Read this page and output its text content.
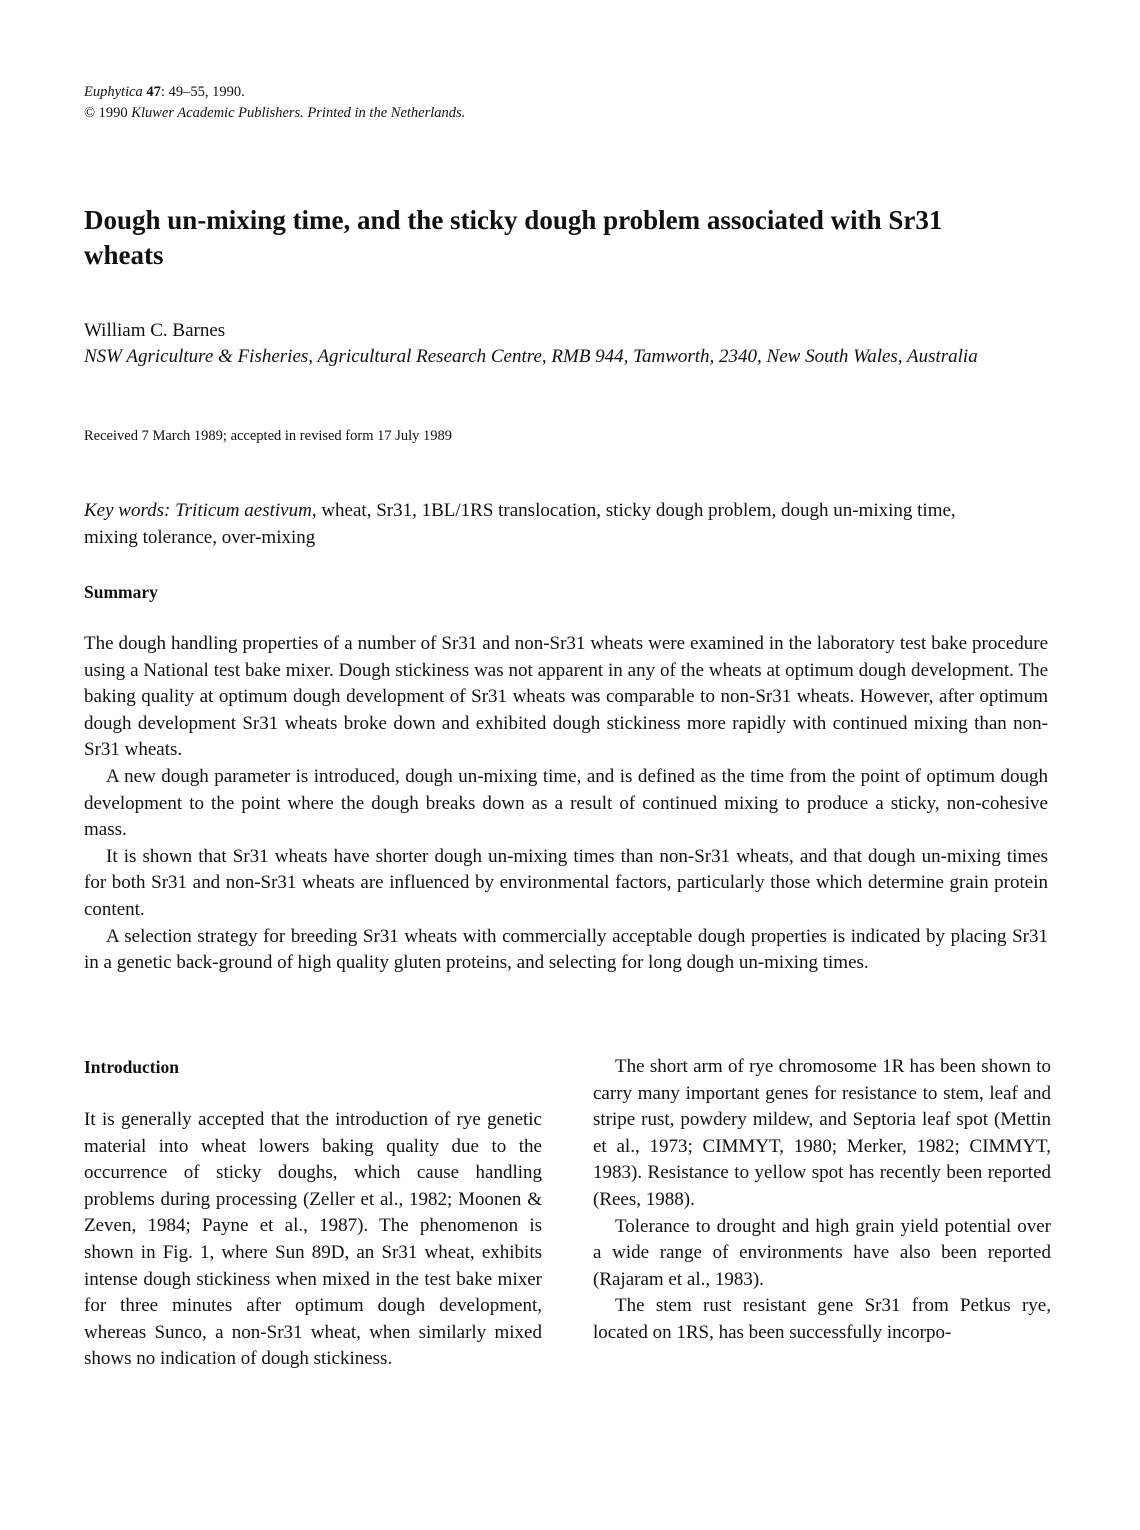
Euphytica 47: 49–55, 1990.
© 1990 Kluwer Academic Publishers. Printed in the Netherlands.
Dough un-mixing time, and the sticky dough problem associated with Sr31 wheats
William C. Barnes
NSW Agriculture & Fisheries, Agricultural Research Centre, RMB 944, Tamworth, 2340, New South Wales, Australia
Received 7 March 1989; accepted in revised form 17 July 1989
Key words: Triticum aestivum, wheat, Sr31, 1BL/1RS translocation, sticky dough problem, dough un-mixing time, mixing tolerance, over-mixing
Summary

The dough handling properties of a number of Sr31 and non-Sr31 wheats were examined in the laboratory test bake procedure using a National test bake mixer. Dough stickiness was not apparent in any of the wheats at optimum dough development. The baking quality at optimum dough development of Sr31 wheats was comparable to non-Sr31 wheats. However, after optimum dough development Sr31 wheats broke down and exhibited dough stickiness more rapidly with continued mixing than non-Sr31 wheats.

A new dough parameter is introduced, dough un-mixing time, and is defined as the time from the point of optimum dough development to the point where the dough breaks down as a result of continued mixing to produce a sticky, non-cohesive mass.

It is shown that Sr31 wheats have shorter dough un-mixing times than non-Sr31 wheats, and that dough un-mixing times for both Sr31 and non-Sr31 wheats are influenced by environmental factors, particularly those which determine grain protein content.

A selection strategy for breeding Sr31 wheats with commercially acceptable dough properties is indicated by placing Sr31 in a genetic back-ground of high quality gluten proteins, and selecting for long dough un-mixing times.

Introduction

It is generally accepted that the introduction of rye genetic material into wheat lowers baking quality due to the occurrence of sticky doughs, which cause handling problems during processing (Zeller et al., 1982; Moonen & Zeven, 1984; Payne et al., 1987). The phenomenon is shown in Fig. 1, where Sun 89D, an Sr31 wheat, exhibits intense dough stickiness when mixed in the test bake mixer for three minutes after optimum dough development, whereas Sunco, a non-Sr31 wheat, when similarly mixed shows no indication of dough stickiness.

The short arm of rye chromosome 1R has been shown to carry many important genes for resistance to stem, leaf and stripe rust, powdery mildew, and Septoria leaf spot (Mettin et al., 1973; CIMMYT, 1980; Merker, 1982; CIMMYT, 1983). Resistance to yellow spot has recently been reported (Rees, 1988).

Tolerance to drought and high grain yield potential over a wide range of environments have also been reported (Rajaram et al., 1983).

The stem rust resistant gene Sr31 from Petkus rye, located on 1RS, has been successfully incorpo-
